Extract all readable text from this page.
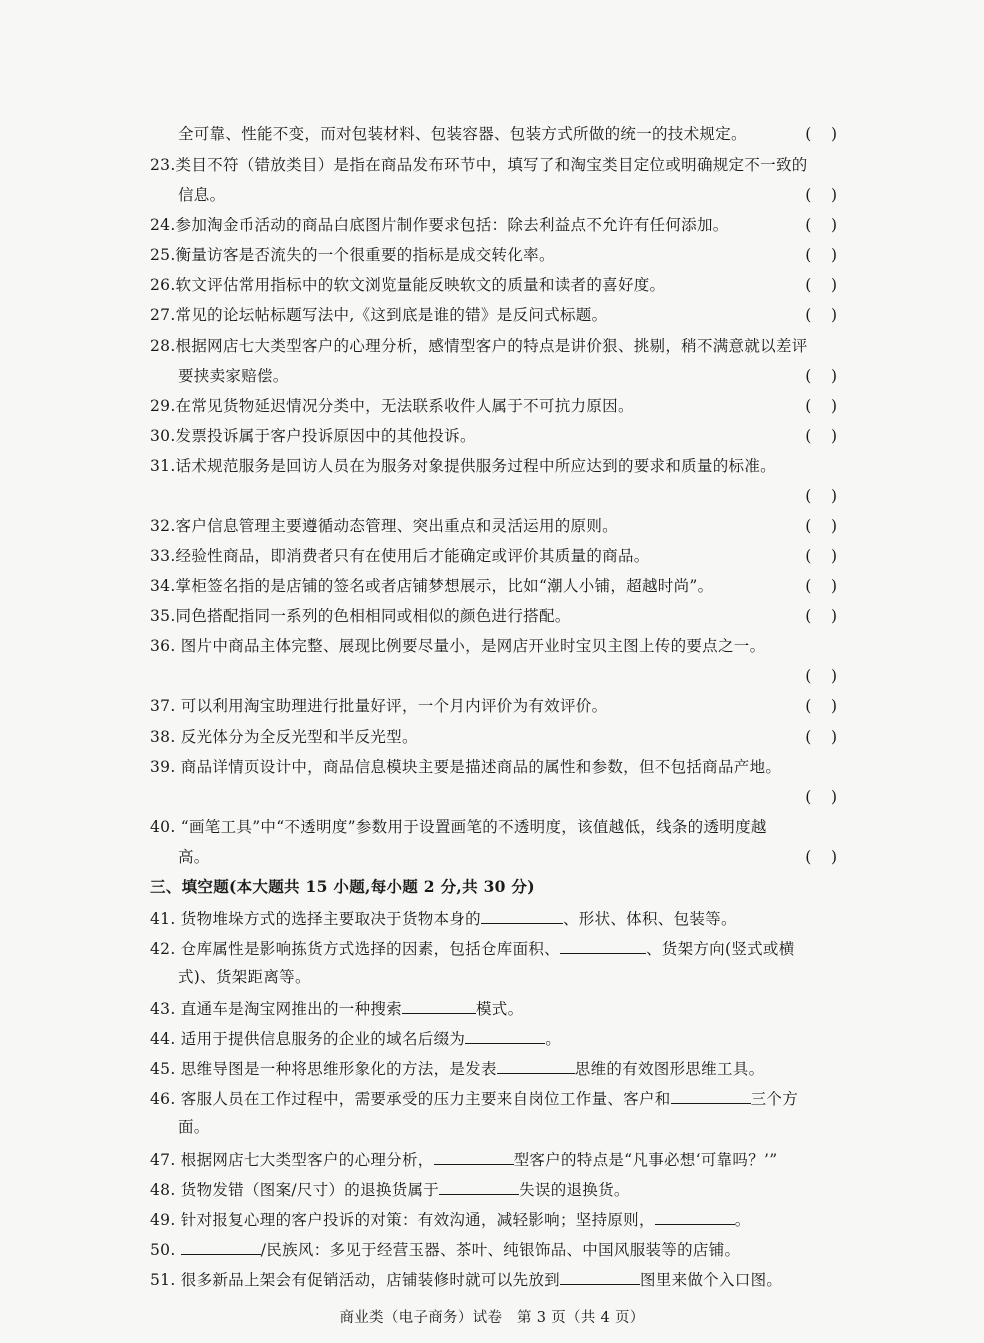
全可靠、性能不变，而对包装材料、包装容器、包装方式所做的统一的技术规定。	(    )
23.类目不符（错放类目）是指在商品发布环节中，填写了和淘宝类目定位或明确规定不一致的
信息。	(    )
24.参加淘金币活动的商品白底图片制作要求包括：除去利益点不允许有任何添加。	(    )
25.衡量访客是否流失的一个很重要的指标是成交转化率。	(    )
26.软文评估常用指标中的软文浏览量能反映软文的质量和读者的喜好度。	(    )
27.常见的论坛帖标题写法中,《这到底是谁的错》是反问式标题。	(    )
28.根据网店七大类型客户的心理分析，感情型客户的特点是讲价狠、挑剔，稍不满意就以差评
要挟卖家赔偿。	(    )
29.在常见货物延迟情况分类中，无法联系收件人属于不可抗力原因。	(    )
30.发票投诉属于客户投诉原因中的其他投诉。	(    )
31.话术规范服务是回访人员在为服务对象提供服务过程中所应达到的要求和质量的标准。
(    )
32.客户信息管理主要遵循动态管理、突出重点和灵活运用的原则。	(    )
33.经验性商品，即消费者只有在使用后才能确定或评价其质量的商品。	(    )
34.掌柜签名指的是店铺的签名或者店铺梦想展示，比如“潮人小铺，超越时尚”。	(    )
35.同色搭配指同一系列的色相相同或相似的颜色进行搭配。	(    )
36. 图片中商品主体完整、展现比例要尽量小，是网店开业时宝贝主图上传的要点之一。
(    )
37. 可以利用淘宝助理进行批量好评，一个月内评价为有效评价。	(    )
38. 反光体分为全反光型和半反光型。	(    )
39. 商品详情页设计中，商品信息模块主要是描述商品的属性和参数，但不包括商品产地。
(    )
40. “画笔工具”中“不透明度”参数用于设置画笔的不透明度，该值越低，线条的透明度越
高。	(    )
三、填空题(本大题共 15 小题,每小题 2 分,共 30 分)
41. 货物堆垛方式的选择主要取决于货物本身的	、形状、体积、包装等。
42. 仓库属性是影响拣货方式选择的因素，包括仓库面积、	、货架方向(竖式或横
式)、货架距离等。
43. 直通车是淘宝网推出的一种搜索	模式。
44. 适用于提供信息服务的企业的域名后缀为	。
45. 思维导图是一种将思维形象化的方法，是发表	思维的有效图形思维工具。
46. 客服人员在工作过程中，需要承受的压力主要来自岗位工作量、客户和	三个方
面。
47. 根据网店七大类型客户的心理分析，	型客户的特点是“凡事必想‘可靠吗？’”
48. 货物发错（图案/尺寸）的退换货属于	失误的退换货。
49. 针对报复心理的客户投诉的对策：有效沟通，减轻影响；坚持原则，	。
50.	/民族风：多见于经营玉器、茶叶、纯银饰品、中国风服装等的店铺。
51. 很多新品上架会有促销活动，店铺装修时就可以先放到	图里来做个入口图。
商业类（电子商务）试卷　第 3 页（共 4 页）
